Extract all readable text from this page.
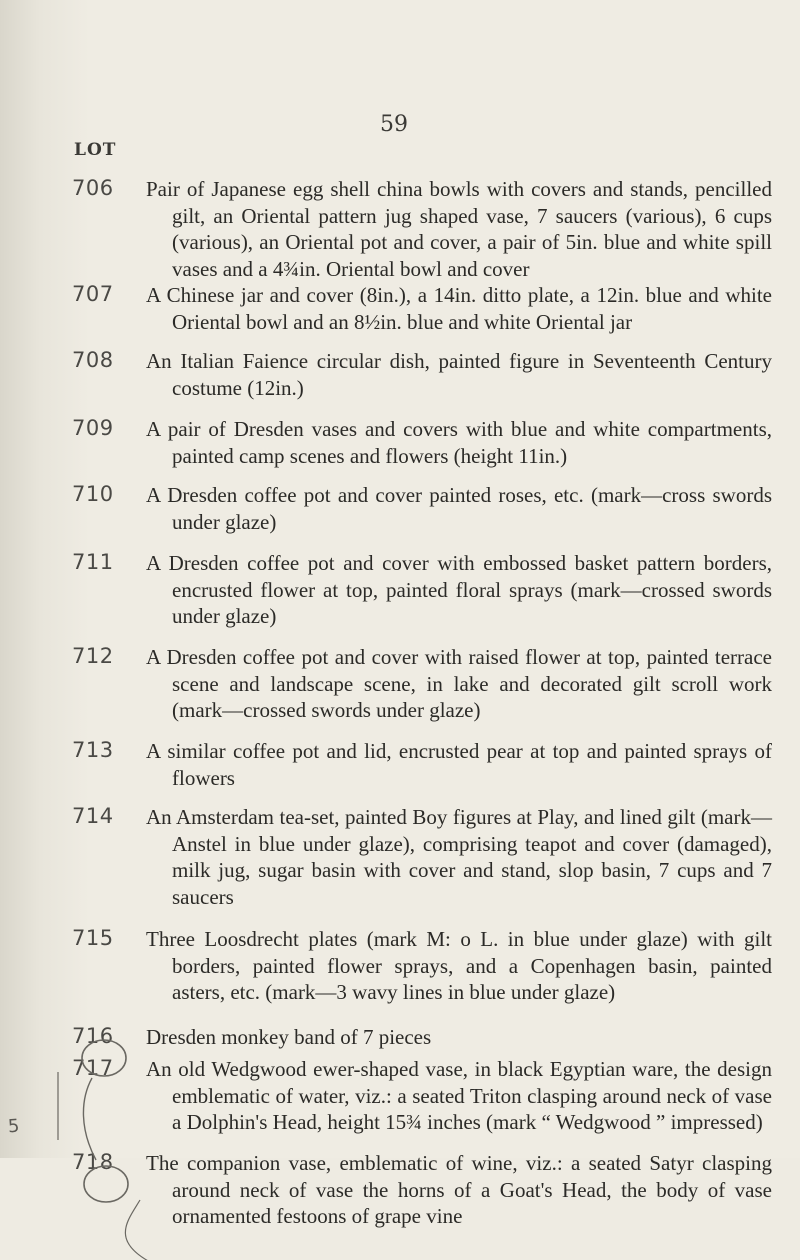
59
LOT
706	Pair of Japanese egg shell china bowls with covers and stands, pencilled gilt, an Oriental pattern jug shaped vase, 7 saucers (various), 6 cups (various), an Oriental pot and cover, a pair of 5in. blue and white spill vases and a 4¾in. Oriental bowl and cover
707	A Chinese jar and cover (8in.), a 14in. ditto plate, a 12in. blue and white Oriental bowl and an 8½in. blue and white Oriental jar
708	An Italian Faience circular dish, painted figure in Seventeenth Century costume (12in.)
709	A pair of Dresden vases and covers with blue and white compartments, painted camp scenes and flowers (height 11in.)
710	A Dresden coffee pot and cover painted roses, etc. (mark—cross swords under glaze)
711	A Dresden coffee pot and cover with embossed basket pattern borders, encrusted flower at top, painted floral sprays (mark—crossed swords under glaze)
712	A Dresden coffee pot and cover with raised flower at top, painted terrace scene and landscape scene, in lake and decorated gilt scroll work (mark—crossed swords under glaze)
713	A similar coffee pot and lid, encrusted pear at top and painted sprays of flowers
714	An Amsterdam tea-set, painted Boy figures at Play, and lined gilt (mark—Anstel in blue under glaze), comprising teapot and cover (damaged), milk jug, sugar basin with cover and stand, slop basin, 7 cups and 7 saucers
715	Three Loosdrecht plates (mark M: o L. in blue under glaze) with gilt borders, painted flower sprays, and a Copenhagen basin, painted asters, etc. (mark—3 wavy lines in blue under glaze)
716	Dresden monkey band of 7 pieces
717	An old Wedgwood ewer-shaped vase, in black Egyptian ware, the design emblematic of water, viz.: a seated Triton clasping around neck of vase a Dolphin's Head, height 15¾ inches (mark “ Wedgwood ” impressed)
718	The companion vase, emblematic of wine, viz.: a seated Satyr clasping around neck of vase the horns of a Goat's Head, the body of vase ornamented festoons of grape vine
5
